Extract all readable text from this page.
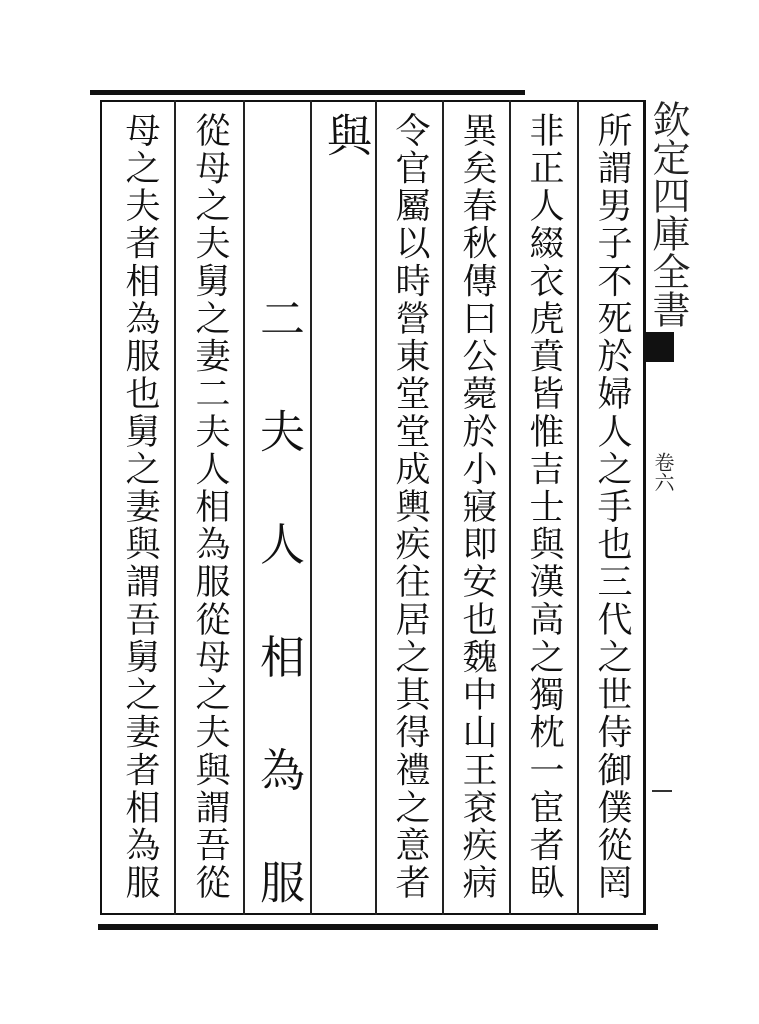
欽定四庫全書
卷六
所謂男子不死於婦人之手也三代之世侍御僕從罔
非正人綴衣虎賁皆惟吉士與漢高之獨枕一宦者臥
異矣春秋傳曰公薨於小寢即安也魏中山王袞疾病
令官屬以時營東堂堂成輿疾往居之其得禮之意者
與
　二夫人相為服
從母之夫舅之妻二夫人相為服從母之夫與謂吾從
母之夫者相為服也舅之妻與謂吾舅之妻者相為服
